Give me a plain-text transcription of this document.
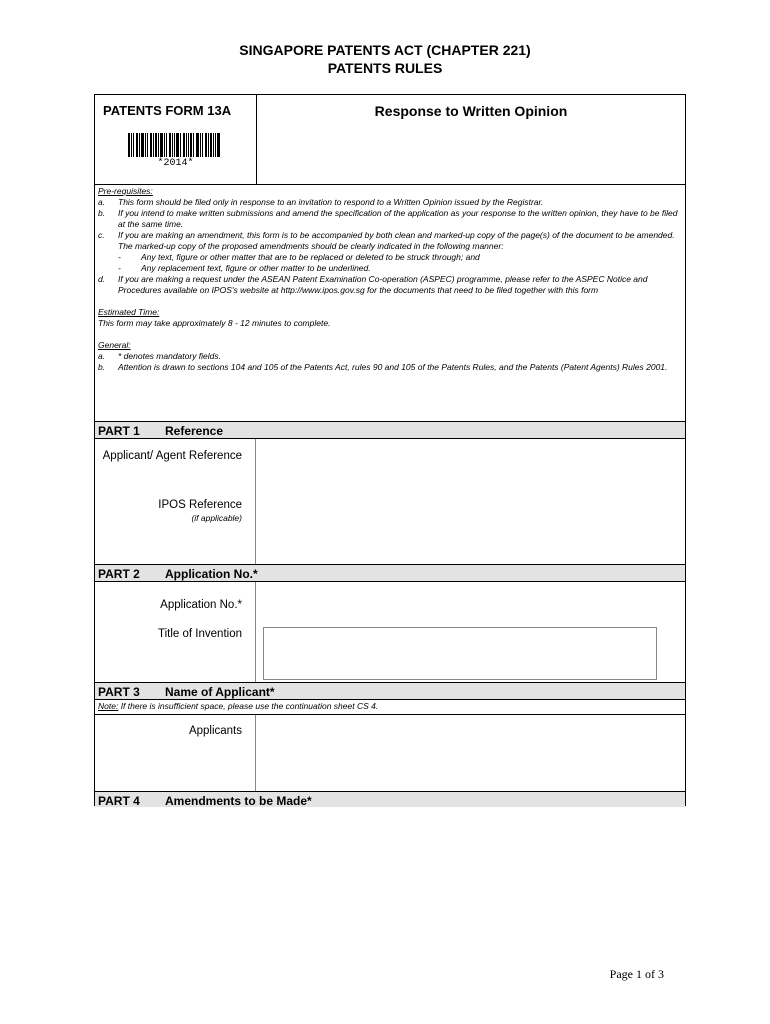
SINGAPORE PATENTS ACT (CHAPTER 221)
PATENTS RULES
PATENTS FORM 13A
*2014*
Response to Written Opinion
Pre-requisites:
a. This form should be filed only in response to an invitation to respond to a Written Opinion issued by the Registrar.
b. If you intend to make written submissions and amend the specification of the application as your response to the written opinion, they have to be filed at the same time.
c. If you are making an amendment, this form is to be accompanied by both clean and marked-up copy of the page(s) of the document to be amended. The marked-up copy of the proposed amendments should be clearly indicated in the following manner:
- Any text, figure or other matter that are to be replaced or deleted to be struck through; and
- Any replacement text, figure or other matter to be underlined.
d. If you are making a request under the ASEAN Patent Examination Co-operation (ASPEC) programme, please refer to the ASPEC Notice and Procedures available on IPOS's website at http://www.ipos.gov.sg for the documents that need to be filed together with this form
Estimated Time:
This form may take approximately 8 - 12 minutes to complete.
General:
a. * denotes mandatory fields.
b. Attention is drawn to sections 104 and 105 of the Patents Act, rules 90 and 105 of the Patents Rules, and the Patents (Patent Agents) Rules 2001.
PART 1 Reference
Applicant/ Agent Reference
IPOS Reference
(if applicable)
PART 2 Application No.*
Application No.*
Title of Invention
PART 3 Name of Applicant*
Note: If there is insufficient space, please use the continuation sheet CS 4.
Applicants
PART 4 Amendments to be Made*
Page 1 of 3
